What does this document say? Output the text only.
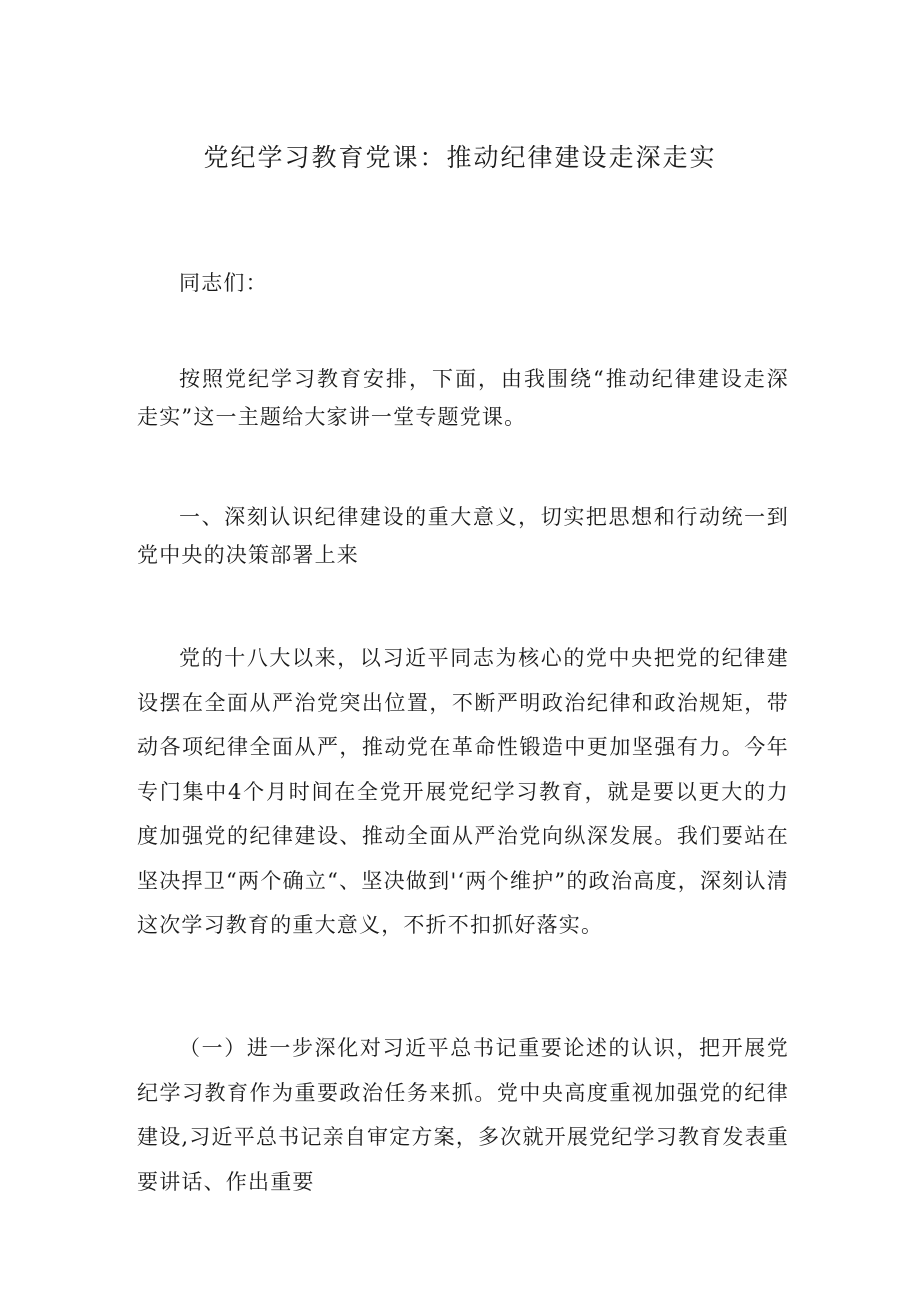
党纪学习教育党课：推动纪律建设走深走实

同志们：

按照党纪学习教育安排，下面，由我围绕“推动纪律建设走深走实”这一主题给大家讲一堂专题党课。

一、深刻认识纪律建设的重大意义，切实把思想和行动统一到党中央的决策部署上来

党的十八大以来，以习近平同志为核心的党中央把党的纪律建设摆在全面从严治党突出位置，不断严明政治纪律和政治规矩，带动各项纪律全面从严，推动党在革命性锻造中更加坚强有力。今年专门集中4个月时间在全党开展党纪学习教育，就是要以更大的力度加强党的纪律建设、推动全面从严治党向纵深发展。我们要站在坚决捍卫“两个确立“、坚决做到'‘两个维护”的政治高度，深刻认清这次学习教育的重大意义，不折不扣抓好落实。

（一）进一步深化对习近平总书记重要论述的认识，把开展党纪学习教育作为重要政治任务来抓。党中央高度重视加强党的纪律建设,习近平总书记亲自审定方案，多次就开展党纪学习教育发表重要讲话、作出重要
